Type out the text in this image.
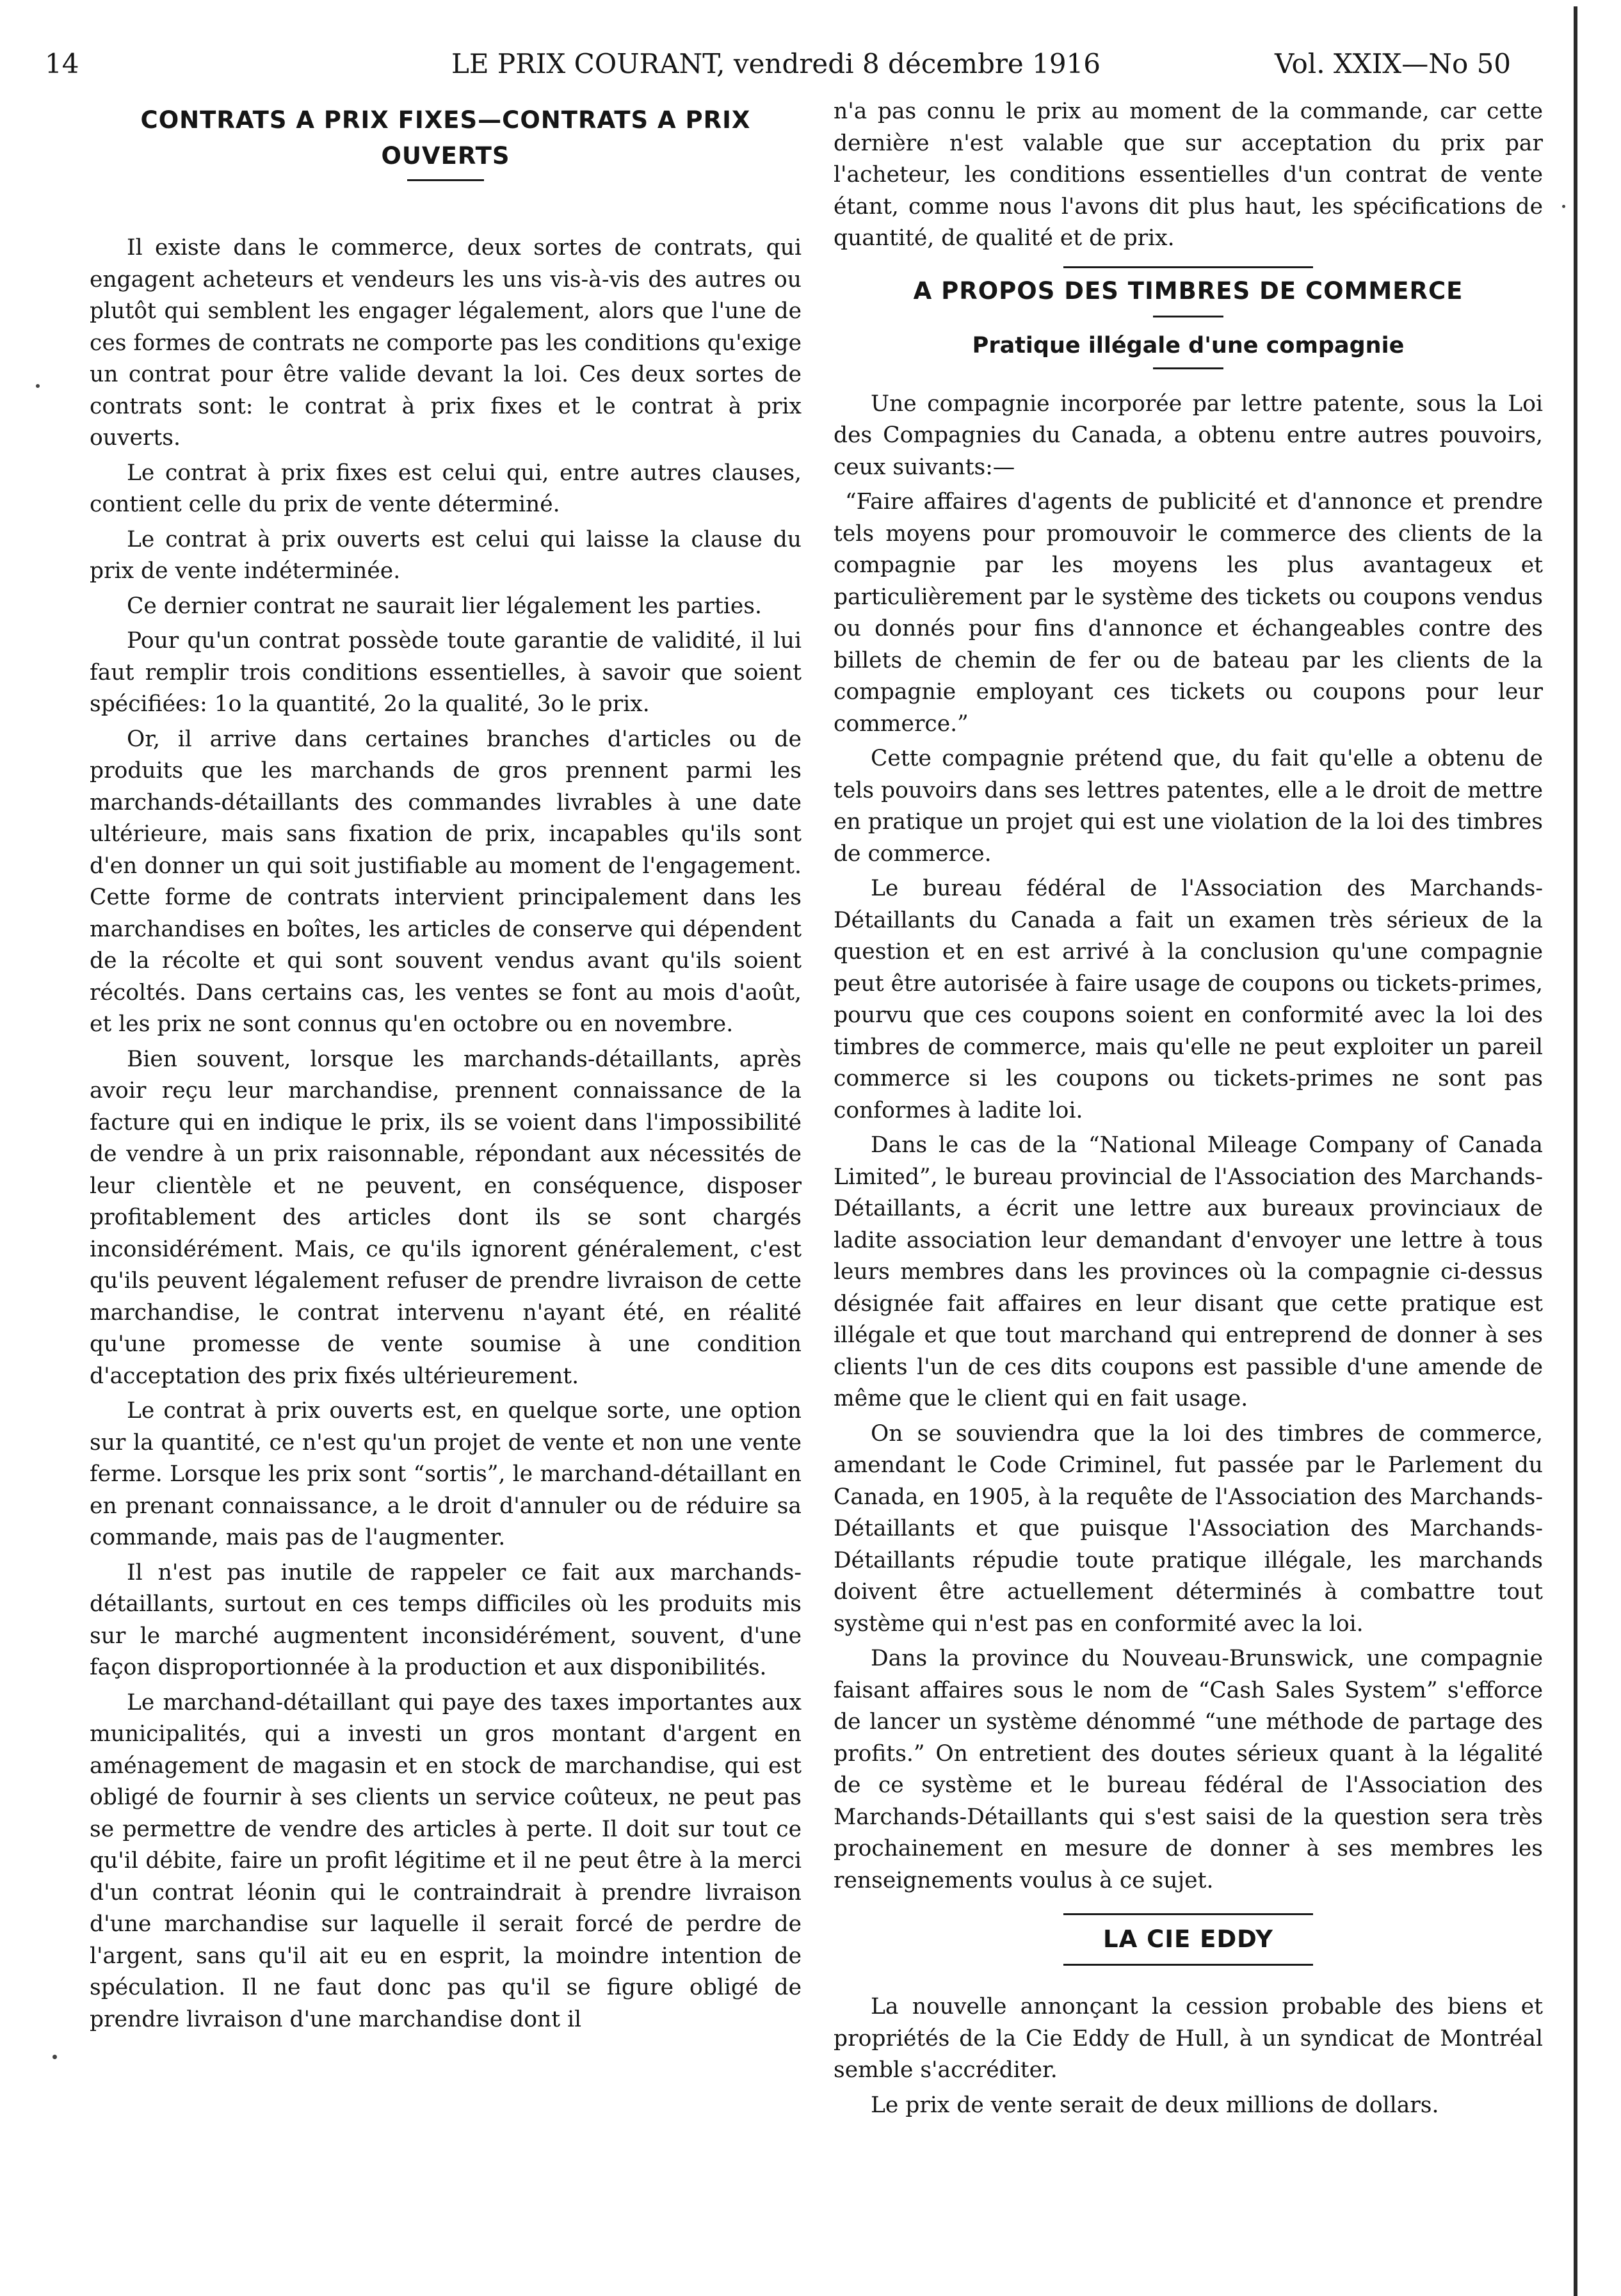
14	LE PRIX COURANT, vendredi 8 décembre 1916	Vol. XXIX—No 50
CONTRATS A PRIX FIXES—CONTRATS A PRIX OUVERTS

Il existe dans le commerce, deux sortes de contrats, qui engagent acheteurs et vendeurs les uns vis-à-vis des autres ou plutôt qui semblent les engager légalement, alors que l'une de ces formes de contrats ne comporte pas les conditions qu'exige un contrat pour être valide devant la loi. Ces deux sortes de contrats sont: le contrat à prix fixes et le contrat à prix ouverts.

Le contrat à prix fixes est celui qui, entre autres clauses, contient celle du prix de vente déterminé.

Le contrat à prix ouverts est celui qui laisse la clause du prix de vente indéterminée.

Ce dernier contrat ne saurait lier légalement les parties.

Pour qu'un contrat possède toute garantie de validité, il lui faut remplir trois conditions essentielles, à savoir que soient spécifiées: 1o la quantité, 2o la qualité, 3o le prix.

Or, il arrive dans certaines branches d'articles ou de produits que les marchands de gros prennent parmi les marchands-détaillants des commandes livrables à une date ultérieure, mais sans fixation de prix, incapables qu'ils sont d'en donner un qui soit justifiable au moment de l'engagement. Cette forme de contrats intervient principalement dans les marchandises en boîtes, les articles de conserve qui dépendent de la récolte et qui sont souvent vendus avant qu'ils soient récoltés. Dans certains cas, les ventes se font au mois d'août, et les prix ne sont connus qu'en octobre ou en novembre.

Bien souvent, lorsque les marchands-détaillants, après avoir reçu leur marchandise, prennent connaissance de la facture qui en indique le prix, ils se voient dans l'impossibilité de vendre à un prix raisonnable, répondant aux nécessités de leur clientèle et ne peuvent, en conséquence, disposer profitablement des articles dont ils se sont chargés inconsidérément. Mais, ce qu'ils ignorent généralement, c'est qu'ils peuvent légalement refuser de prendre livraison de cette marchandise, le contrat intervenu n'ayant été, en réalité qu'une promesse de vente soumise à une condition d'acceptation des prix fixés ultérieurement.

Le contrat à prix ouverts est, en quelque sorte, une option sur la quantité, ce n'est qu'un projet de vente et non une vente ferme. Lorsque les prix sont “sortis”, le marchand-détaillant en en prenant connaissance, a le droit d'annuler ou de réduire sa commande, mais pas de l'augmenter.

Il n'est pas inutile de rappeler ce fait aux marchands-détaillants, surtout en ces temps difficiles où les produits mis sur le marché augmentent inconsidérément, souvent, d'une façon disproportionnée à la production et aux disponibilités.

Le marchand-détaillant qui paye des taxes importantes aux municipalités, qui a investi un gros montant d'argent en aménagement de magasin et en stock de marchandise, qui est obligé de fournir à ses clients un service coûteux, ne peut pas se permettre de vendre des articles à perte. Il doit sur tout ce qu'il débite, faire un profit légitime et il ne peut être à la merci d'un contrat léonin qui le contraindrait à prendre livraison d'une marchandise sur laquelle il serait forcé de perdre de l'argent, sans qu'il ait eu en esprit, la moindre intention de spéculation. Il ne faut donc pas qu'il se figure obligé de prendre livraison d'une marchandise dont il

n'a pas connu le prix au moment de la commande, car cette dernière n'est valable que sur acceptation du prix par l'acheteur, les conditions essentielles d'un contrat de vente étant, comme nous l'avons dit plus haut, les spécifications de quantité, de qualité et de prix.

A PROPOS DES TIMBRES DE COMMERCE
Pratique illégale d'une compagnie

Une compagnie incorporée par lettre patente, sous la Loi des Compagnies du Canada, a obtenu entre autres pouvoirs, ceux suivants:—

“Faire affaires d'agents de publicité et d'annonce et prendre tels moyens pour promouvoir le commerce des clients de la compagnie par les moyens les plus avantageux et particulièrement par le système des tickets ou coupons vendus ou donnés pour fins d'annonce et échangeables contre des billets de chemin de fer ou de bateau par les clients de la compagnie employant ces tickets ou coupons pour leur commerce.”

Cette compagnie prétend que, du fait qu'elle a obtenu de tels pouvoirs dans ses lettres patentes, elle a le droit de mettre en pratique un projet qui est une violation de la loi des timbres de commerce.

Le bureau fédéral de l'Association des Marchands-Détaillants du Canada a fait un examen très sérieux de la question et en est arrivé à la conclusion qu'une compagnie peut être autorisée à faire usage de coupons ou tickets-primes, pourvu que ces coupons soient en conformité avec la loi des timbres de commerce, mais qu'elle ne peut exploiter un pareil commerce si les coupons ou tickets-primes ne sont pas conformes à ladite loi.

Dans le cas de la “National Mileage Company of Canada Limited”, le bureau provincial de l'Association des Marchands-Détaillants, a écrit une lettre aux bureaux provinciaux de ladite association leur demandant d'envoyer une lettre à tous leurs membres dans les provinces où la compagnie ci-dessus désignée fait affaires en leur disant que cette pratique est illégale et que tout marchand qui entreprend de donner à ses clients l'un de ces dits coupons est passible d'une amende de même que le client qui en fait usage.

On se souviendra que la loi des timbres de commerce, amendant le Code Criminel, fut passée par le Parlement du Canada, en 1905, à la requête de l'Association des Marchands-Détaillants et que puisque l'Association des Marchands-Détaillants répudie toute pratique illégale, les marchands doivent être actuellement déterminés à combattre tout système qui n'est pas en conformité avec la loi.

Dans la province du Nouveau-Brunswick, une compagnie faisant affaires sous le nom de “Cash Sales System” s'efforce de lancer un système dénommé “une méthode de partage des profits.” On entretient des doutes sérieux quant à la légalité de ce système et le bureau fédéral de l'Association des Marchands-Détaillants qui s'est saisi de la question sera très prochainement en mesure de donner à ses membres les renseignements voulus à ce sujet.

LA CIE EDDY

La nouvelle annonçant la cession probable des biens et propriétés de la Cie Eddy de Hull, à un syndicat de Montréal semble s'accréditer.

Le prix de vente serait de deux millions de dollars.
